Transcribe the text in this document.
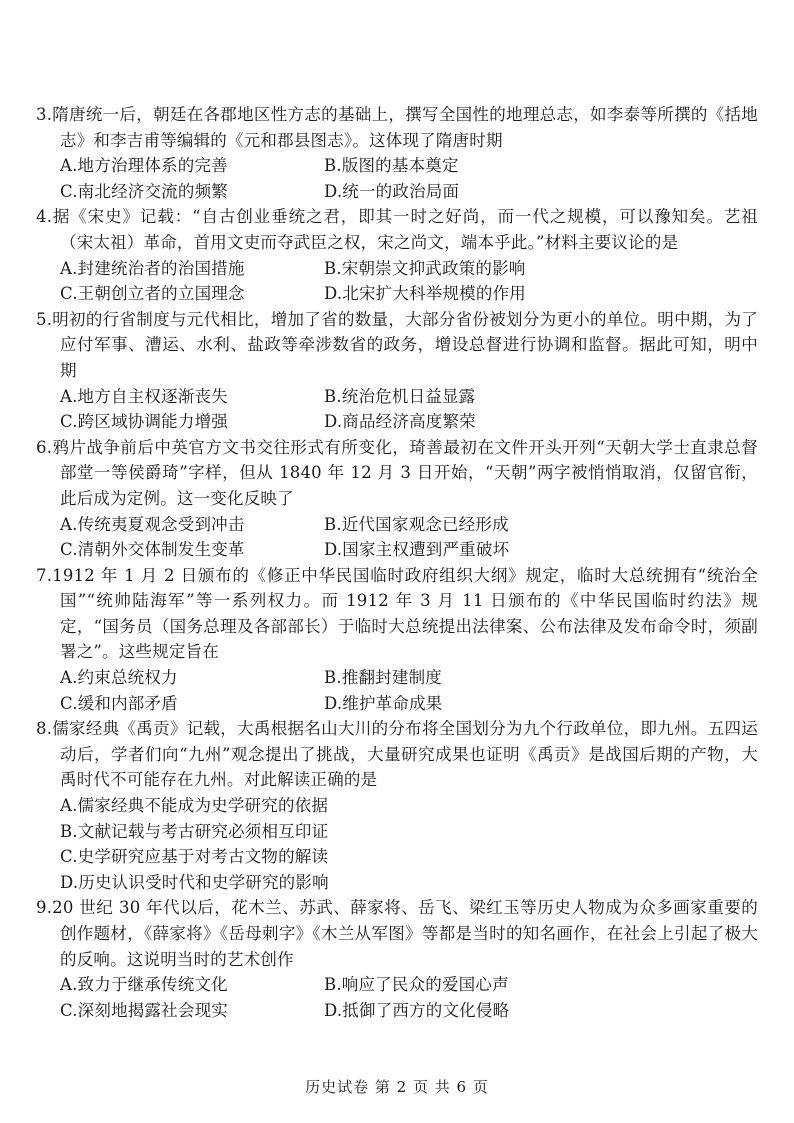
3.隋唐统一后，朝廷在各郡地区性方志的基础上，撰写全国性的地理总志，如李泰等所撰的《括地志》和李吉甫等编辑的《元和郡县图志》。这体现了隋唐时期
A.地方治理体系的完善	B.版图的基本奠定
C.南北经济交流的频繁	D.统一的政治局面
4.据《宋史》记载：“自古创业垂统之君，即其一时之好尚，而一代之规模，可以豫知矣。艺祖（宋太祖）革命，首用文吏而夺武臣之权，宋之尚文，端本乎此。”材料主要议论的是
A.封建统治者的治国措施	B.宋朝崇文抑武政策的影响
C.王朝创立者的立国理念	D.北宋扩大科举规模的作用
5.明初的行省制度与元代相比，增加了省的数量，大部分省份被划分为更小的单位。明中期，为了应付军事、漕运、水利、盐政等牵涉数省的政务，增设总督进行协调和监督。据此可知，明中期
A.地方自主权逐渐丧失	B.统治危机日益显露
C.跨区域协调能力增强	D.商品经济高度繁荣
6.鸦片战争前后中英官方文书交往形式有所变化，琦善最初在文件开头开列“天朝大学士直隶总督部堂一等侯爵琦”字样，但从 1840 年 12 月 3 日开始，“天朝”两字被悄悄取消，仅留官衔，此后成为定例。这一变化反映了
A.传统夷夏观念受到冲击	B.近代国家观念已经形成
C.清朝外交体制发生变革	D.国家主权遭到严重破坏
7.1912 年 1 月 2 日颁布的《修正中华民国临时政府组织大纲》规定，临时大总统拥有“统治全国”“统帅陆海军”等一系列权力。而 1912 年 3 月 11 日颁布的《中华民国临时约法》规定，“国务员（国务总理及各部部长）于临时大总统提出法律案、公布法律及发布命令时，须副署之”。这些规定旨在
A.约束总统权力	B.推翻封建制度
C.缓和内部矛盾	D.维护革命成果
8.儒家经典《禹贡》记载，大禹根据名山大川的分布将全国划分为九个行政单位，即九州。五四运动后，学者们向“九州”观念提出了挑战，大量研究成果也证明《禹贡》是战国后期的产物，大禹时代不可能存在九州。对此解读正确的是
A.儒家经典不能成为史学研究的依据
B.文献记载与考古研究必须相互印证
C.史学研究应基于对考古文物的解读
D.历史认识受时代和史学研究的影响
9.20 世纪 30 年代以后，花木兰、苏武、薛家将、岳飞、梁红玉等历史人物成为众多画家重要的创作题材，《薛家将》《岳母刺字》《木兰从军图》等都是当时的知名画作，在社会上引起了极大的反响。这说明当时的艺术创作
A.致力于继承传统文化	B.响应了民众的爱国心声
C.深刻地揭露社会现实	D.抵御了西方的文化侵略
历史试卷 第 2 页 共 6 页
